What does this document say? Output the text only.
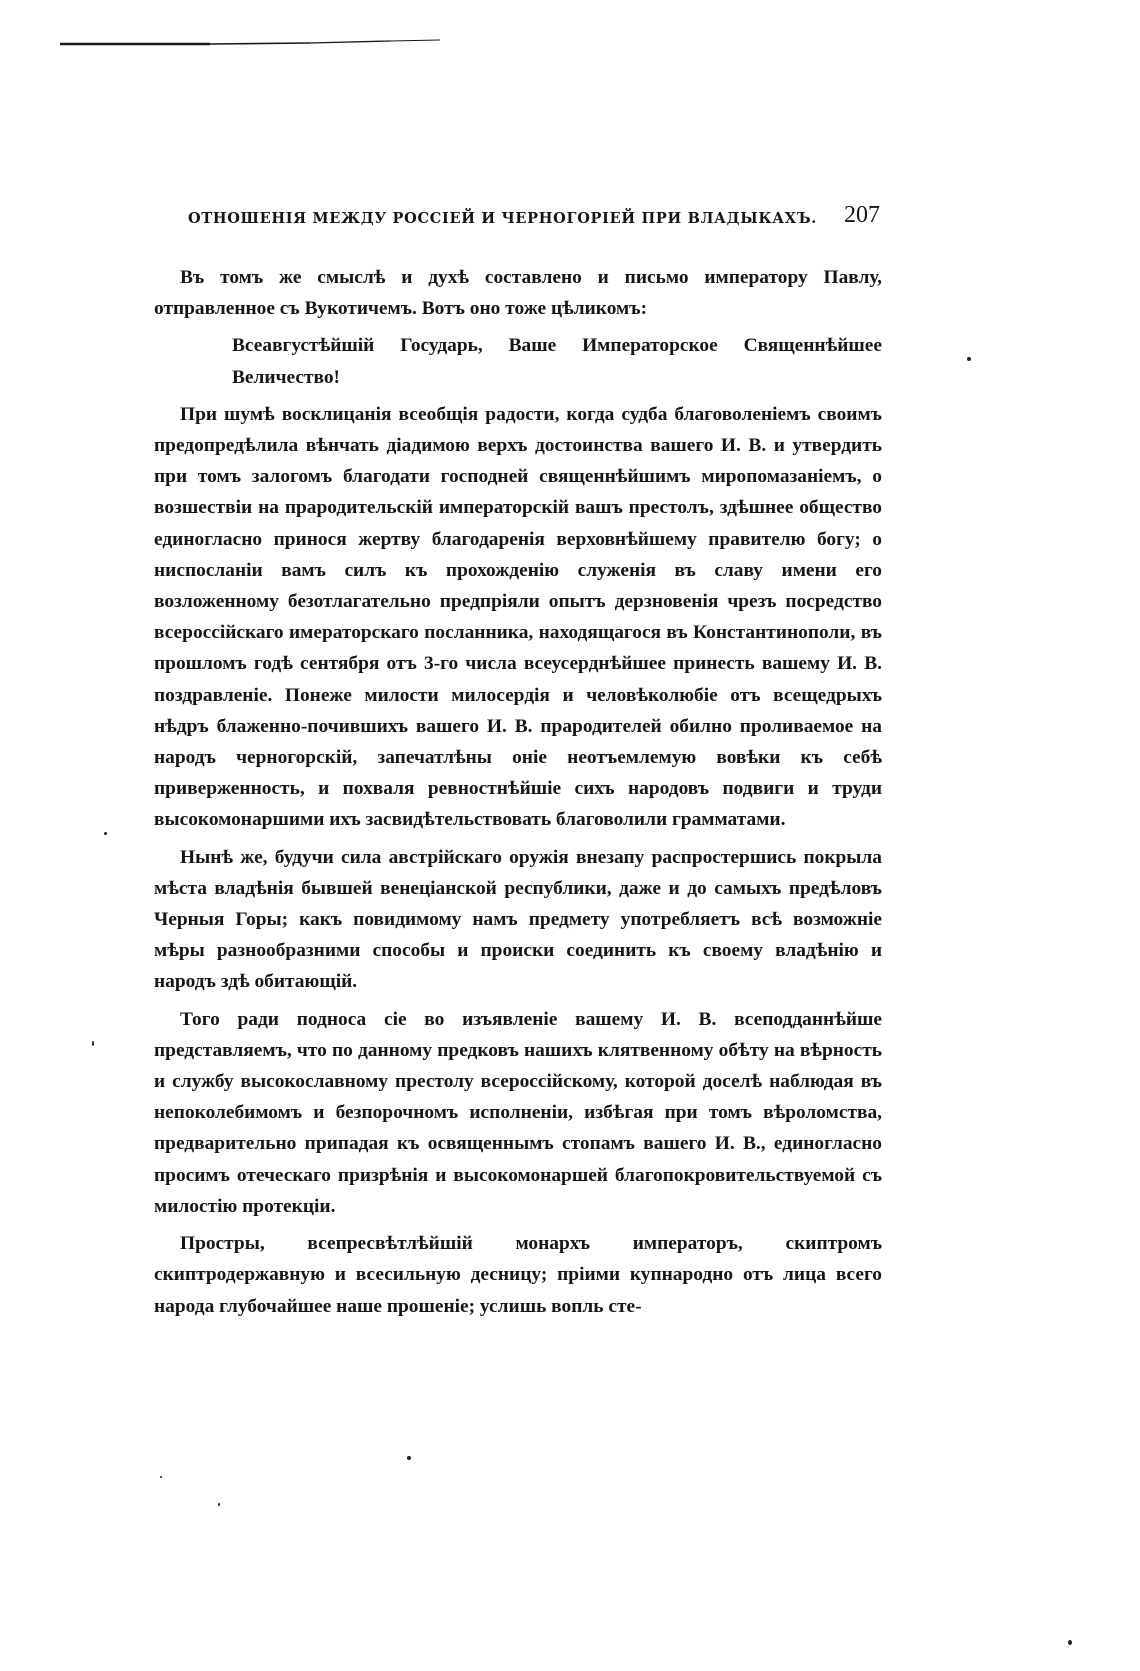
ОТНОШЕНІЯ МЕЖДУ РОССІЕЙ И ЧЕРНОГОРІЕЙ ПРИ ВЛАДЫКАХЪ. 207

Въ томъ же смыслѣ и духѣ составлено и письмо императору Павлу, отправленное съ Вукотичемъ. Вотъ оно тоже цѣликомъ:

Всеавгустѣйшій Государь, Ваше Императорское Священнѣйшее Величество!

При шумѣ восклицанія всеобщія радости, когда судба благоволеніемъ своимъ предопредѣлила вѣнчать діадимою верхъ достоинства вашего И. В. и утвердить при томъ залогомъ благодати господней священнѣйшимъ миропомазаніемъ, о возшествіи на прародительскій императорскій вашъ престолъ, здѣшнее общество единогласно принося жертву благодаренія верховнѣйшему правителю богу; о ниспосланіи вамъ силъ къ прохожденію служенія въ славу имени его возложенному безотлагательно предпріяли опытъ дерзновенія чрезъ посредство всероссійскаго имераторскаго посланника, находящагося въ Константинополи, въ прошломъ годѣ сентября отъ 3-го числа всеусерднѣйшее принесть вашему И. В. поздравленіе. Понеже милости милосердія и человѣколюбіе отъ всещедрыхъ нѣдръ блаженно-почившихъ вашего И. В. прародителей обилно проливаемое на народъ черногорскій, запечатлѣны оніе неотъемлемую вовѣки къ себѣ приверженность, и похваля ревностнѣйшіе сихъ народовъ подвиги и труди высокомонаршими ихъ засвидѣтельствовать благоволили грамматами.

Нынѣ же, будучи сила австрійскаго оружія внезапу распростершись покрыла мѣста владѣнія бывшей венеціанской республики, даже и до самыхъ предѣловъ Черныя Горы; какъ повидимому намъ предмету употребляетъ всѣ возможніе мѣры разнообразними способы и происки соединить къ своему владѣнію и народъ здѣ обитающій.

Того ради подноса сіе во изъявленіе вашему И. В. всеподданнѣйше представляемъ, что по данному предковъ нашихъ клятвенному обѣту на вѣрность и службу высокославному престолу всероссійскому, которой доселѣ наблюдая въ непоколебимомъ и безпорочномъ исполненіи, избѣгая при томъ вѣроломства, предварительно припадая къ освященнымъ стопамъ вашего И. В., единогласно просимъ отеческаго призрѣнія и высокомонаршей благопокровительствуемой съ милостію протекціи.

Простры, всепресвѣтлѣйшій монархъ императоръ, скиптромъ скиптродержавную и всесильную десницу; пріими купнародно отъ лица всего народа глубочайшее наше прошеніе; услишь вопль сте-
